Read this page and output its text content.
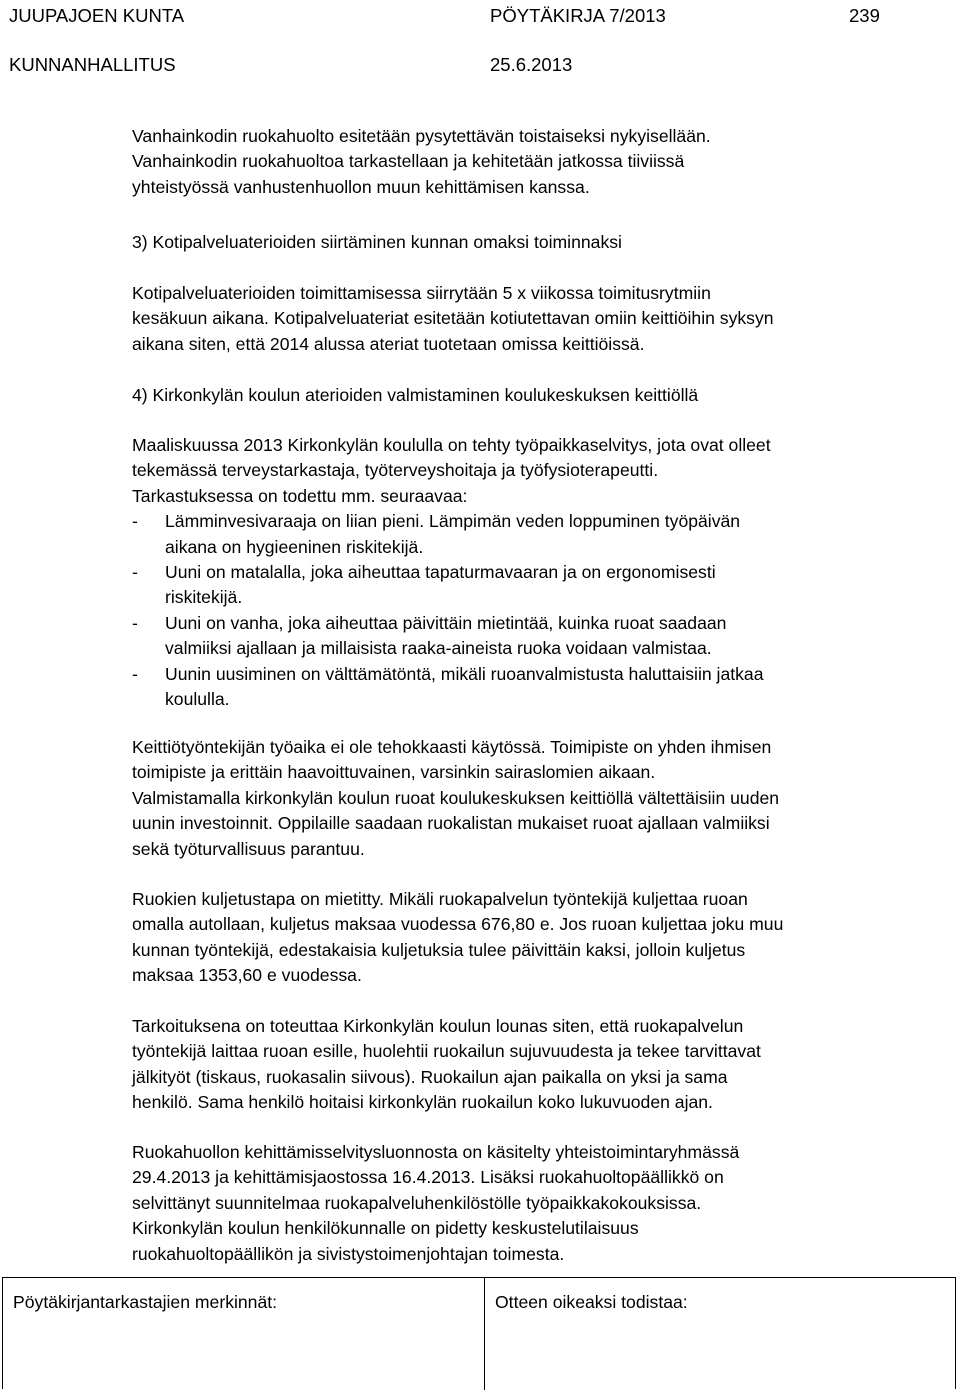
JUUPAJOEN KUNTA	PÖYTÄKIRJA 7/2013	239
KUNNANHALLITUS	25.6.2013
Vanhainkodin ruokahuolto esitetään pysytettävän toistaiseksi nykyisellään.
Vanhainkodin ruokahuoltoa tarkastellaan ja kehitetään jatkossa tiiviissä
yhteistyössä vanhustenhuollon muun kehittämisen kanssa.
3) Kotipalveluaterioiden siirtäminen kunnan omaksi toiminnaksi
Kotipalveluaterioiden toimittamisessa siirrytään 5 x viikossa toimitusrytmiin
kesäkuun aikana. Kotipalveluateriat esitetään kotiutettavan omiin keittiöihin syksyn
aikana siten, että 2014 alussa ateriat tuotetaan omissa keittiöissä.
4) Kirkonkylän koulun aterioiden valmistaminen koulukeskuksen keittiöllä
Maaliskuussa 2013 Kirkonkylän koululla on tehty työpaikkaselvitys, jota ovat olleet
tekemässä terveystarkastaja, työterveyshoitaja ja työfysioterapeutti.
Tarkastuksessa on todettu mm. seuraavaa:
- Lämminvesivaraaja on liian pieni. Lämpimän veden loppuminen työpäivän
aikana on hygieeninen riskitekijä.
- Uuni on matalalla, joka aiheuttaa tapaturmavaaran ja on ergonomisesti
riskitekijä.
- Uuni on vanha, joka aiheuttaa päivittäin mietintää, kuinka ruoat saadaan
valmiiksi ajallaan ja millaisista raaka-aineista ruoka voidaan valmistaa.
- Uunin uusiminen on välttämätöntä, mikäli ruoanvalmistusta haluttaisiin jatkaa
koululla.
Keittiötyöntekijän työaika ei ole tehokkaasti käytössä. Toimipiste on yhden ihmisen
toimipiste ja erittäin haavoittuvainen, varsinkin sairaslomien aikaan.
Valmistamalla kirkonkylän koulun ruoat koulukeskuksen keittiöllä vältettäisiin uuden
uunin investoinnit. Oppilaille saadaan ruokalistan mukaiset ruoat ajallaan valmiiksi
sekä työturvallisuus parantuu.
Ruokien kuljetustapa on mietitty. Mikäli ruokapalvelun työntekijä kuljettaa ruoan
omalla autollaan, kuljetus maksaa vuodessa 676,80 e. Jos ruoan kuljettaa joku muu
kunnan työntekijä, edestakaisia kuljetuksia tulee päivittäin kaksi, jolloin kuljetus
maksaa 1353,60 e vuodessa.
Tarkoituksena on toteuttaa Kirkonkylän koulun lounas siten, että ruokapalvelun
työntekijä laittaa ruoan esille, huolehtii ruokailun sujuvuudesta ja tekee tarvittavat
jälkityöt (tiskaus, ruokasalin siivous). Ruokailun ajan paikalla on yksi ja sama
henkilö. Sama henkilö hoitaisi kirkonkylän ruokailun koko lukuvuoden ajan.
Ruokahuollon kehittämisselvitysluonnosta on käsitelty yhteistoimintaryhmässä
29.4.2013 ja kehittämisjaostossa 16.4.2013. Lisäksi ruokahuoltopäällikkö on
selvittänyt suunnitelmaa ruokapalveluhenkilöstölle työpaikkakokouksissa.
Kirkonkylän koulun henkilökunnalle on pidetty keskustelutilaisuus
ruokahuoltopäällikön ja sivistystoimenjohtajan toimesta.
Pöytäkirjantarkastajien merkinnät:	Otteen oikeaksi todistaa:
